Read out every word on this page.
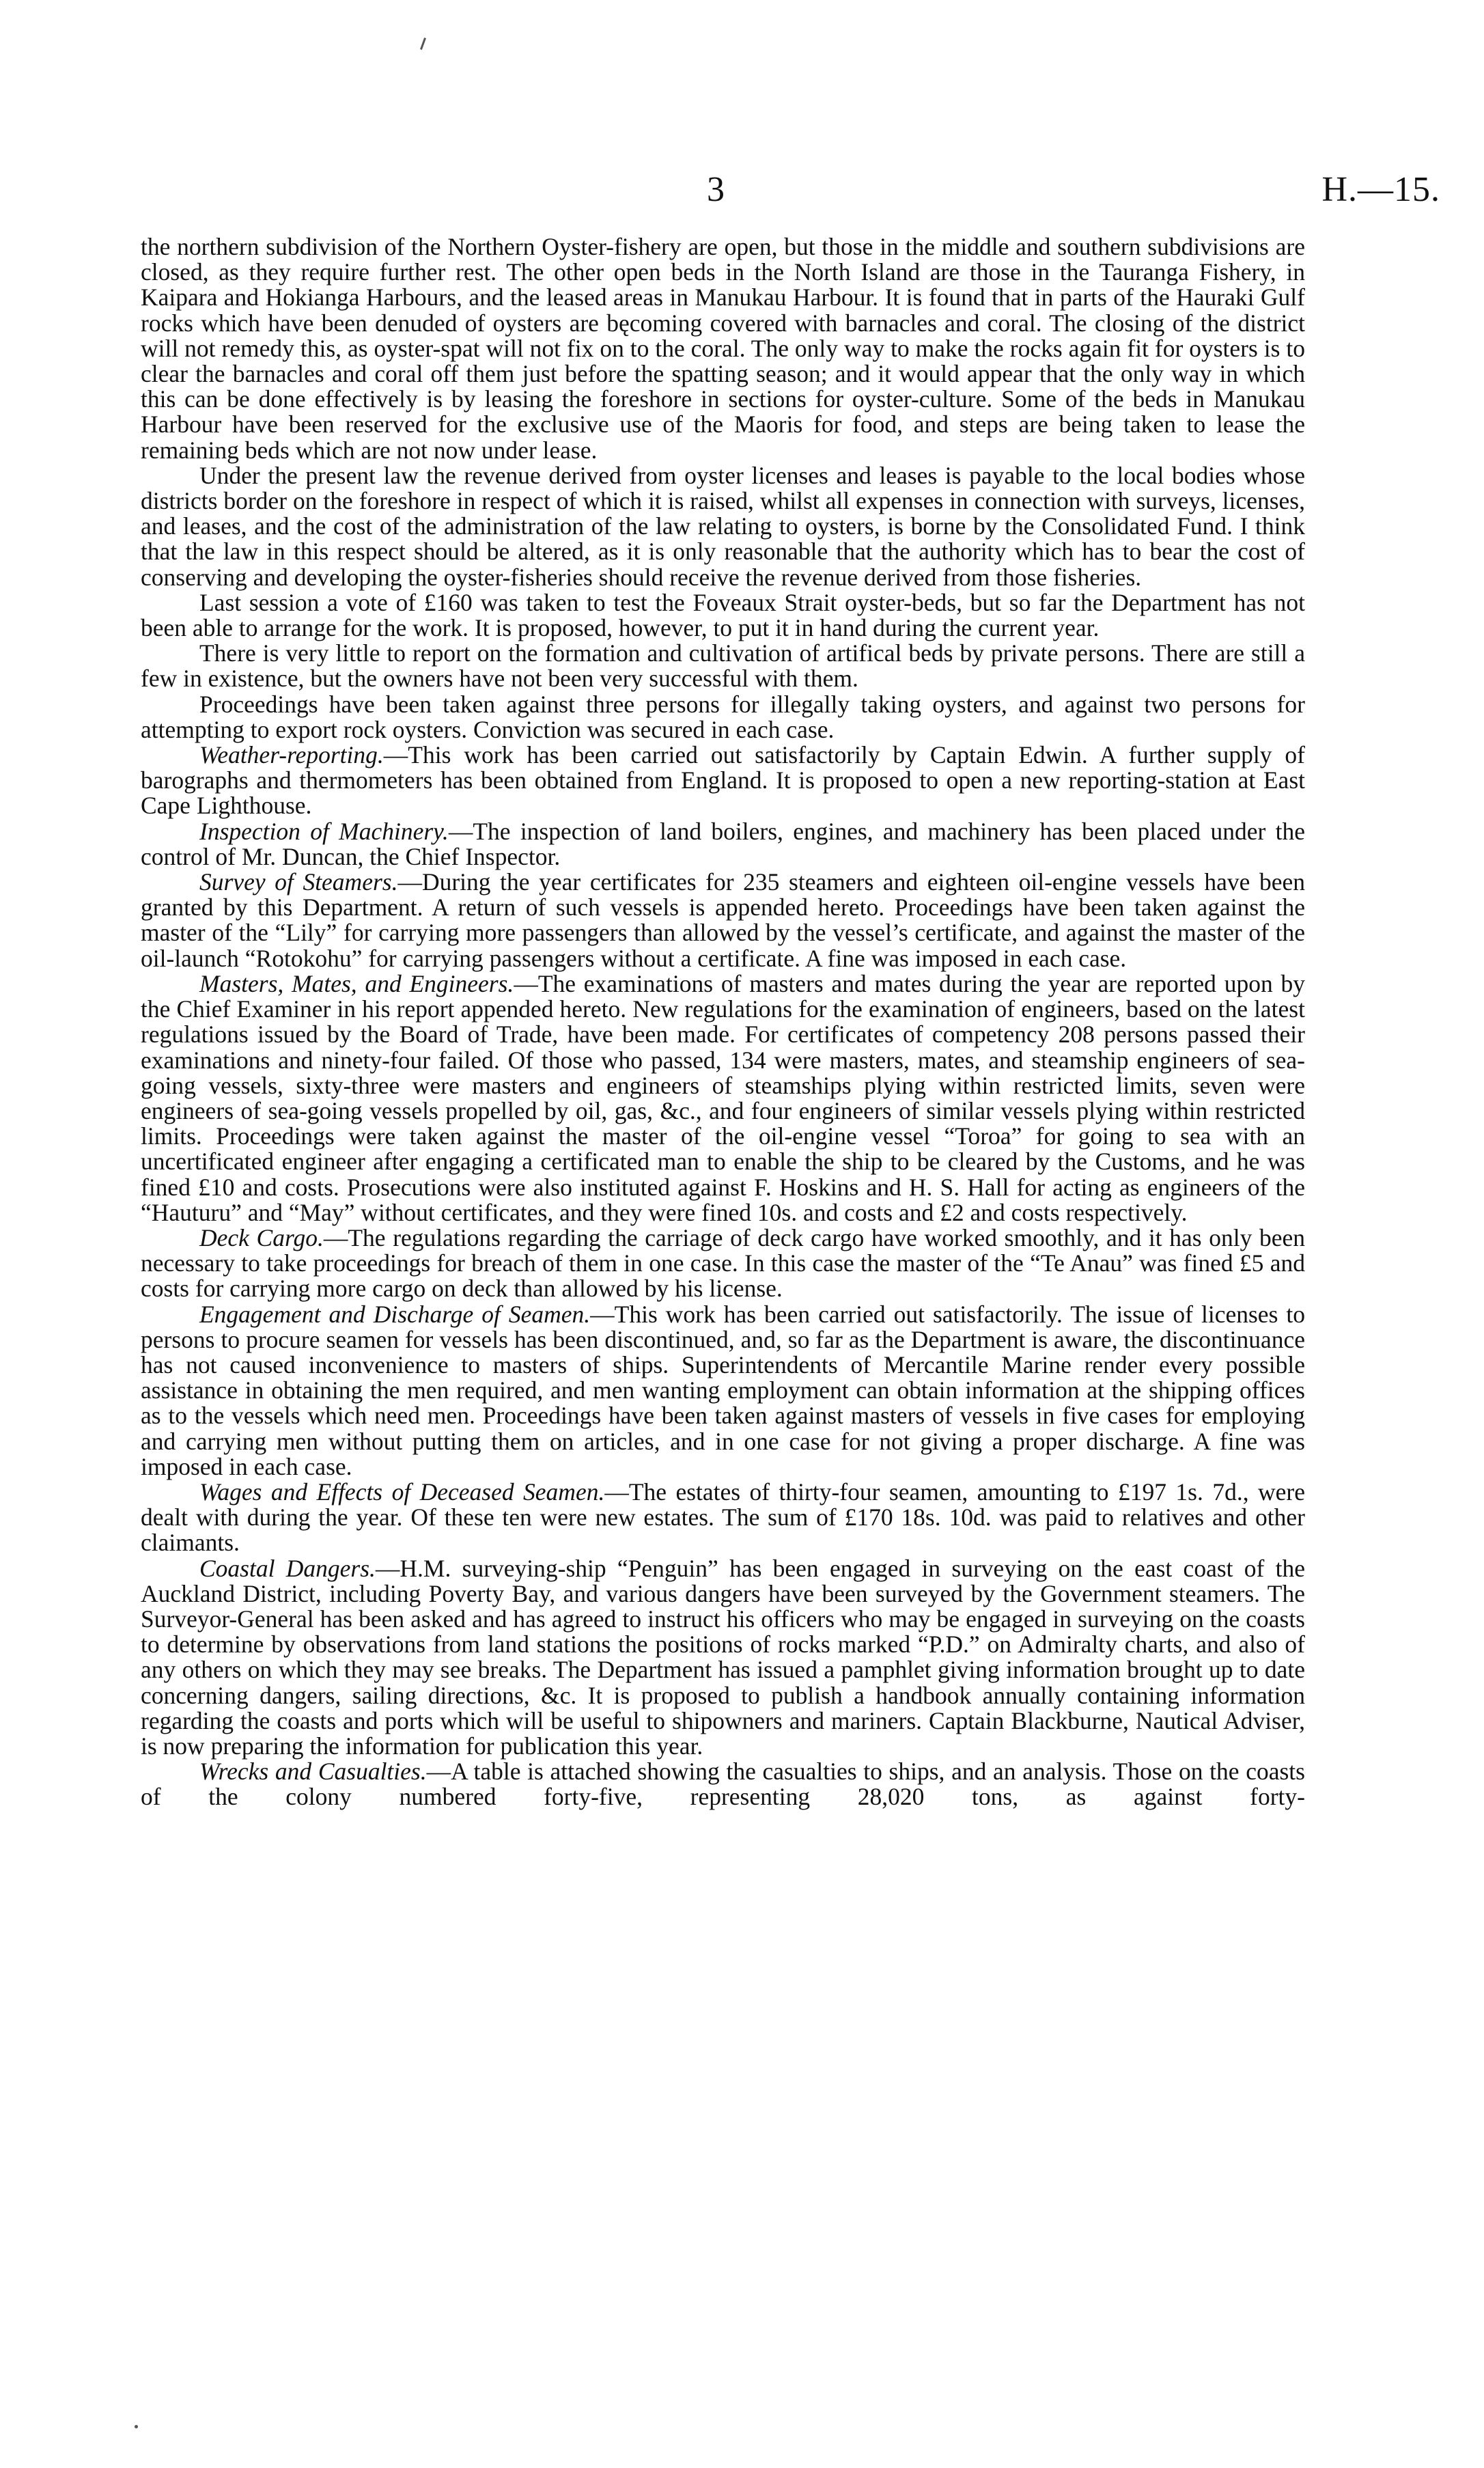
3	H.—15.

the northern subdivision of the Northern Oyster-fishery are open, but those in the middle and southern subdivisions are closed, as they require further rest. The other open beds in the North Island are those in the Tauranga Fishery, in Kaipara and Hokianga Harbours, and the leased areas in Manukau Harbour. It is found that in parts of the Hauraki Gulf rocks which have been denuded of oysters are bęcoming covered with barnacles and coral. The closing of the district will not remedy this, as oyster-spat will not fix on to the coral. The only way to make the rocks again fit for oysters is to clear the barnacles and coral off them just before the spatting season; and it would appear that the only way in which this can be done effectively is by leasing the foreshore in sections for oyster-culture. Some of the beds in Manukau Harbour have been reserved for the exclusive use of the Maoris for food, and steps are being taken to lease the remaining beds which are not now under lease.

Under the present law the revenue derived from oyster licenses and leases is payable to the local bodies whose districts border on the foreshore in respect of which it is raised, whilst all expenses in connection with surveys, licenses, and leases, and the cost of the administration of the law relating to oysters, is borne by the Consolidated Fund. I think that the law in this respect should be altered, as it is only reasonable that the authority which has to bear the cost of conserving and developing the oyster-fisheries should receive the revenue derived from those fisheries.

Last session a vote of £160 was taken to test the Foveaux Strait oyster-beds, but so far the Department has not been able to arrange for the work. It is proposed, however, to put it in hand during the current year.

There is very little to report on the formation and cultivation of artifical beds by private persons. There are still a few in existence, but the owners have not been very successful with them.

Proceedings have been taken against three persons for illegally taking oysters, and against two persons for attempting to export rock oysters. Conviction was secured in each case.

Weather-reporting.—This work has been carried out satisfactorily by Captain Edwin. A further supply of barographs and thermometers has been obtained from England. It is proposed to open a new reporting-station at East Cape Lighthouse.

Inspection of Machinery.—The inspection of land boilers, engines, and machinery has been placed under the control of Mr. Duncan, the Chief Inspector.

Survey of Steamers.—During the year certificates for 235 steamers and eighteen oil-engine vessels have been granted by this Department. A return of such vessels is appended hereto. Proceedings have been taken against the master of the “Lily” for carrying more passengers than allowed by the vessel’s certificate, and against the master of the oil-launch “Rotokohu” for carrying passengers without a certificate. A fine was imposed in each case.

Masters, Mates, and Engineers.—The examinations of masters and mates during the year are reported upon by the Chief Examiner in his report appended hereto. New regulations for the examination of engineers, based on the latest regulations issued by the Board of Trade, have been made. For certificates of competency 208 persons passed their examinations and ninety-four failed. Of those who passed, 134 were masters, mates, and steamship engineers of sea-going vessels, sixty-three were masters and engineers of steamships plying within restricted limits, seven were engineers of sea-going vessels propelled by oil, gas, &c., and four engineers of similar vessels plying within restricted limits. Proceedings were taken against the master of the oil-engine vessel “Toroa” for going to sea with an uncertificated engineer after engaging a certificated man to enable the ship to be cleared by the Customs, and he was fined £10 and costs. Prosecutions were also instituted against F. Hoskins and H. S. Hall for acting as engineers of the “Hauturu” and “May” without certificates, and they were fined 10s. and costs and £2 and costs respectively.

Deck Cargo.—The regulations regarding the carriage of deck cargo have worked smoothly, and it has only been necessary to take proceedings for breach of them in one case. In this case the master of the “Te Anau” was fined £5 and costs for carrying more cargo on deck than allowed by his license.

Engagement and Discharge of Seamen.—This work has been carried out satisfactorily. The issue of licenses to persons to procure seamen for vessels has been discontinued, and, so far as the Department is aware, the discontinuance has not caused inconvenience to masters of ships. Superintendents of Mercantile Marine render every possible assistance in obtaining the men required, and men wanting employment can obtain information at the shipping offices as to the vessels which need men. Proceedings have been taken against masters of vessels in five cases for employing and carrying men without putting them on articles, and in one case for not giving a proper discharge. A fine was imposed in each case.

Wages and Effects of Deceased Seamen.—The estates of thirty-four seamen, amounting to £197 1s. 7d., were dealt with during the year. Of these ten were new estates. The sum of £170 18s. 10d. was paid to relatives and other claimants.

Coastal Dangers.—H.M. surveying-ship “Penguin” has been engaged in surveying on the east coast of the Auckland District, including Poverty Bay, and various dangers have been surveyed by the Government steamers. The Surveyor-General has been asked and has agreed to instruct his officers who may be engaged in surveying on the coasts to determine by observations from land stations the positions of rocks marked “P.D.” on Admiralty charts, and also of any others on which they may see breaks. The Department has issued a pamphlet giving information brought up to date concerning dangers, sailing directions, &c. It is proposed to publish a handbook annually containing information regarding the coasts and ports which will be useful to shipowners and mariners. Captain Blackburne, Nautical Adviser, is now preparing the information for publication this year.

Wrecks and Casualties.—A table is attached showing the casualties to ships, and an analysis. Those on the coasts of the colony numbered forty-five, representing 28,020 tons, as against forty-
